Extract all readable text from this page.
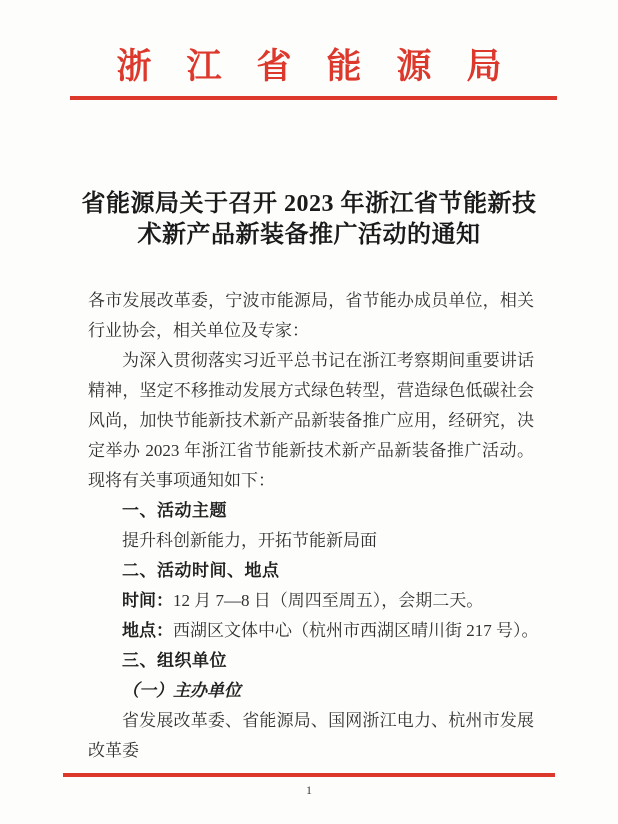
浙江省能源局
省能源局关于召开 2023 年浙江省节能新技
术新产品新装备推广活动的通知

各市发展改革委，宁波市能源局，省节能办成员单位，相关行业协会，相关单位及专家：

为深入贯彻落实习近平总书记在浙江考察期间重要讲话精神，坚定不移推动发展方式绿色转型，营造绿色低碳社会风尚，加快节能新技术新产品新装备推广应用，经研究，决定举办 2023 年浙江省节能新技术新产品新装备推广活动。现将有关事项通知如下：

一、活动主题

提升科创新能力，开拓节能新局面

二、活动时间、地点

时间：12 月 7—8 日（周四至周五），会期二天。

地点：西湖区文体中心（杭州市西湖区晴川街 217 号）。

三、组织单位

（一）主办单位

省发展改革委、省能源局、国网浙江电力、杭州市发展改革委

1
